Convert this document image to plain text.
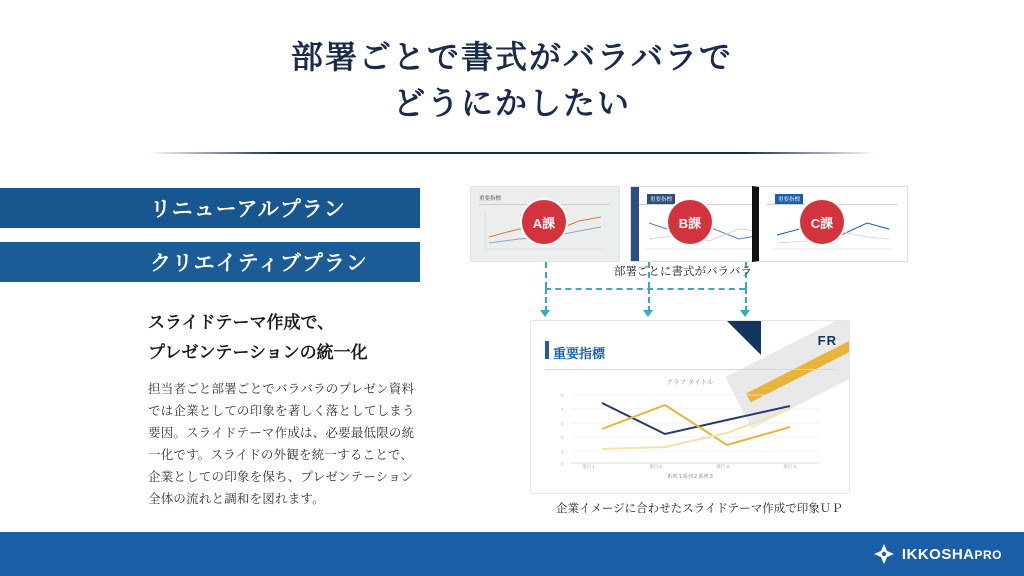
部署ごとで書式がバラバラで
どうにかしたい
リニューアルプラン
クリエイティブプラン
スライドテーマ作成で、
プレゼンテーションの統一化
担当者ごと部署ごとでバラバラのプレゼン資料では企業としての印象を著しく落としてしまう要因。スライドテーマ作成は、必要最低限の統一化です。スライドの外観を統一することで、企業としての印象を保ち、プレゼンテーション全体の流れと調和を図れます。
重要指標
A課
重要指標
B課
重要指標
C課
部署ごとに書式がバラバラ
FR
重要指標
グラフ タイトル
0
1
2
3
4
5
項目 1	項目 2	項目 3	項目 4
系列 1 系列 2 系列 3
企業イメージに合わせたスライドテーマ作成で印象ＵＰ
IKKOSHAPRO
